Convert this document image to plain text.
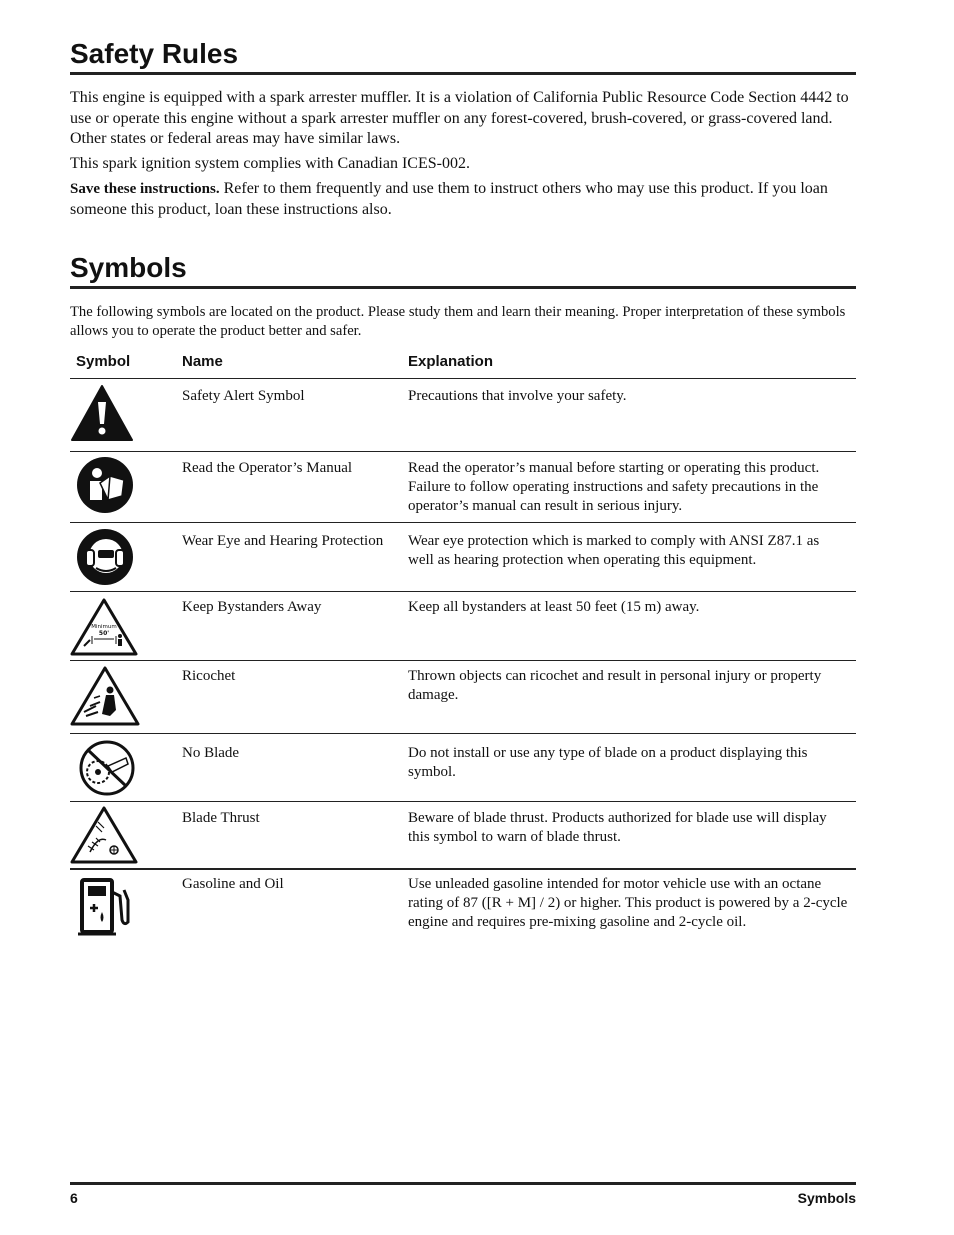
Safety Rules

This engine is equipped with a spark arrester muffler. It is a violation of California Public Resource Code Section 4442 to use or operate this engine without a spark arrester muffler on any forest-covered, brush-covered, or grass-covered land. Other states or federal areas may have similar laws.

This spark ignition system complies with Canadian ICES-002.

Save these instructions. Refer to them frequently and use them to instruct others who may use this product. If you loan someone this product, loan these instructions also.

Symbols

The following symbols are located on the product. Please study them and learn their meaning. Proper interpretation of these symbols allows you to operate the product better and safer.

Symbol	Name	Explanation

Safety Alert Symbol	Precautions that involve your safety.

Read the Operator’s Manual	Read the operator’s manual before starting or operating this product. Failure to follow operating instructions and safety precautions in the operator’s manual can result in serious injury.

Wear Eye and Hearing Protection	Wear eye protection which is marked to comply with ANSI Z87.1 as well as hearing protection when operating this equipment.

Minimum
50'

Keep Bystanders Away	Keep all bystanders at least 50 feet (15 m) away.

Ricochet	Thrown objects can ricochet and result in personal injury or property damage.

No Blade	Do not install or use any type of blade on a product displaying this symbol.

Blade Thrust	Beware of blade thrust. Products authorized for blade use will display this symbol to warn of blade thrust.

Gasoline and Oil	Use unleaded gasoline intended for motor vehicle use with an octane rating of 87 ([R + M] / 2) or higher. This product is powered by a 2-cycle engine and requires pre-mixing gasoline and 2-cycle oil.

6	Symbols
